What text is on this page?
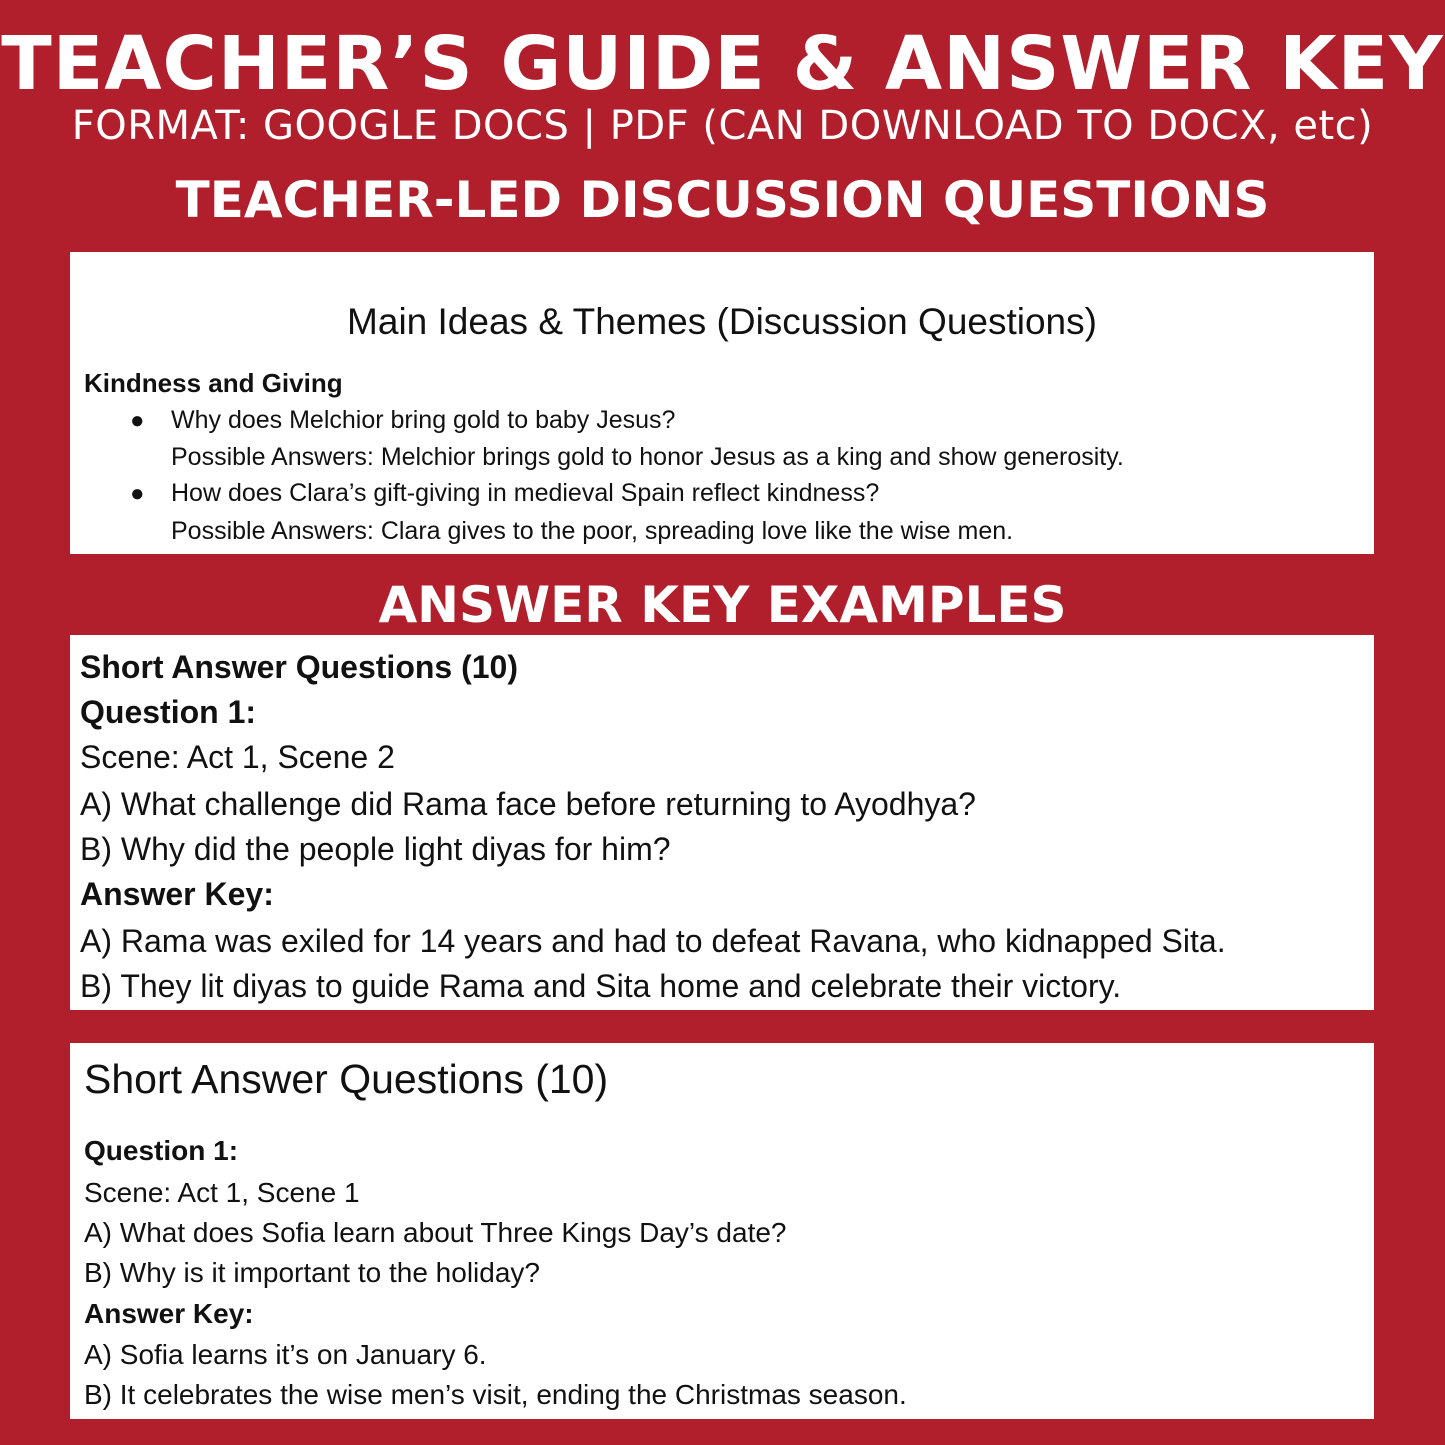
TEACHER’S GUIDE & ANSWER KEY
FORMAT: GOOGLE DOCS | PDF (CAN DOWNLOAD TO DOCX, etc)
TEACHER-LED DISCUSSION QUESTIONS
Main Ideas & Themes (Discussion Questions)
Kindness and Giving
● Why does Melchior bring gold to baby Jesus?
Possible Answers: Melchior brings gold to honor Jesus as a king and show generosity.
● How does Clara’s gift-giving in medieval Spain reflect kindness?
Possible Answers: Clara gives to the poor, spreading love like the wise men.
ANSWER KEY EXAMPLES
Short Answer Questions (10)
Question 1:
Scene: Act 1, Scene 2
A) What challenge did Rama face before returning to Ayodhya?
B) Why did the people light diyas for him?
Answer Key:
A) Rama was exiled for 14 years and had to defeat Ravana, who kidnapped Sita.
B) They lit diyas to guide Rama and Sita home and celebrate their victory.
Short Answer Questions (10)
Question 1:
Scene: Act 1, Scene 1
A) What does Sofia learn about Three Kings Day’s date?
B) Why is it important to the holiday?
Answer Key:
A) Sofia learns it’s on January 6.
B) It celebrates the wise men’s visit, ending the Christmas season.
